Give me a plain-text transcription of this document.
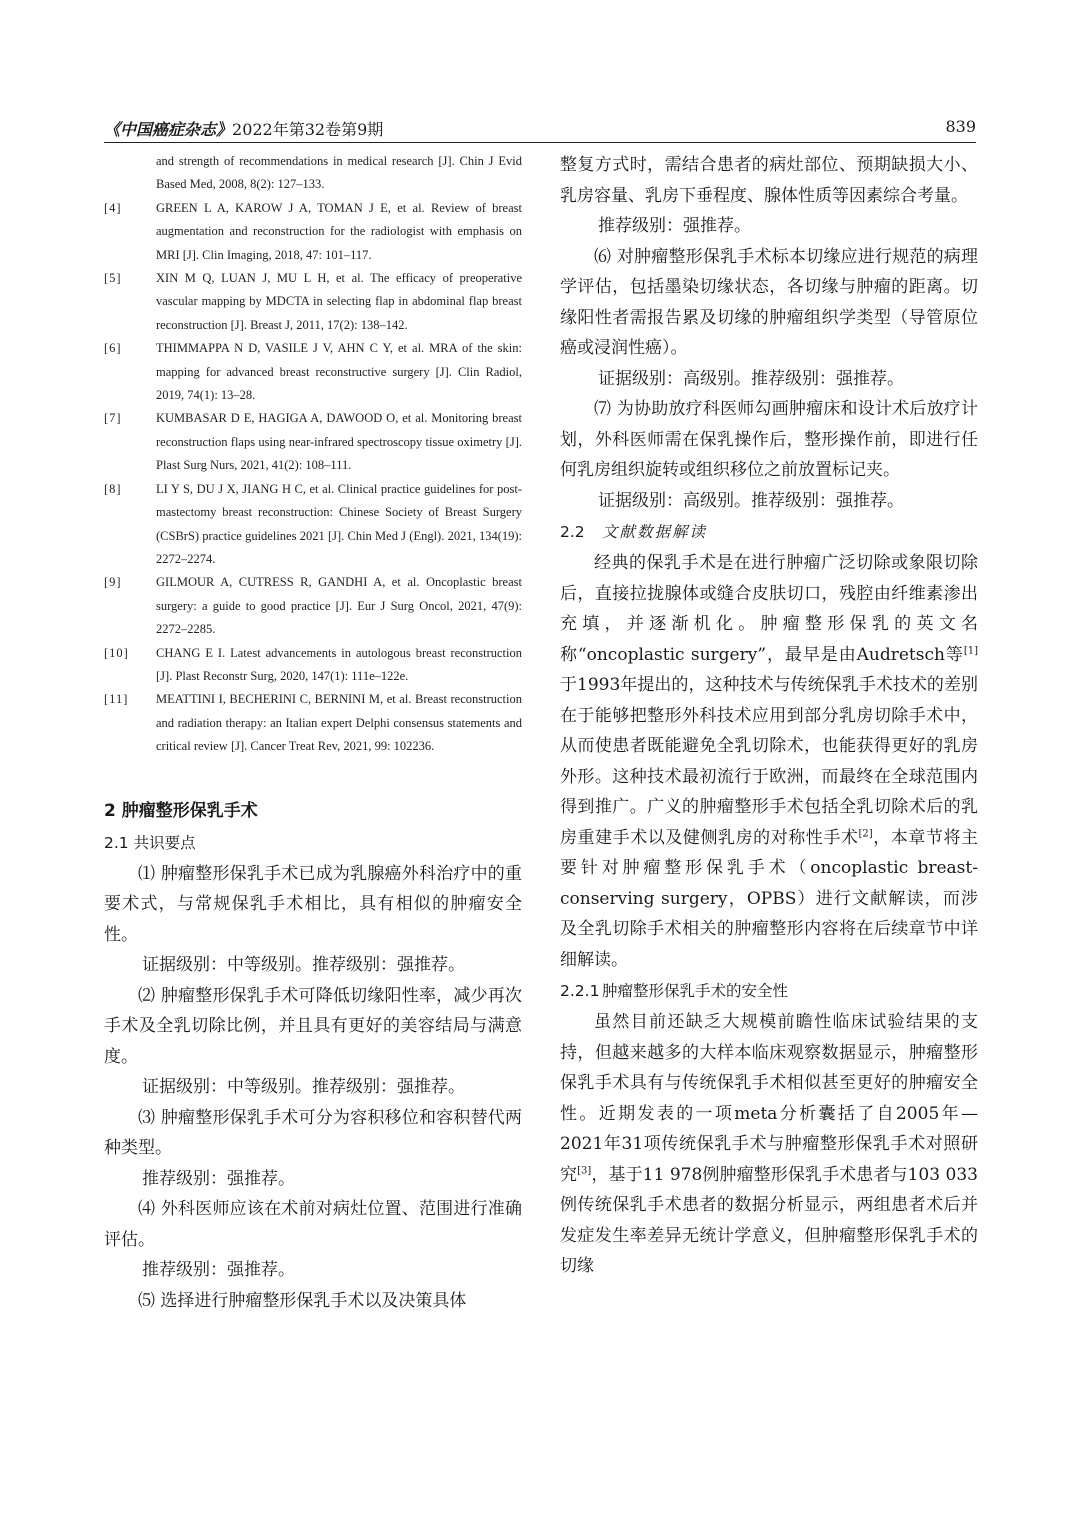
《中国癌症杂志》2022年第32卷第9期	839
and strength of recommendations in medical research [J]. Chin J Evid Based Med, 2008, 8(2): 127–133.
[4]	GREEN L A, KAROW J A, TOMAN J E, et al. Review of breast augmentation and reconstruction for the radiologist with emphasis on MRI [J]. Clin Imaging, 2018, 47: 101–117.
[5]	XIN M Q, LUAN J, MU L H, et al. The efficacy of preoperative vascular mapping by MDCTA in selecting flap in abdominal flap breast reconstruction [J]. Breast J, 2011, 17(2): 138–142.
[6]	THIMMAPPA N D, VASILE J V, AHN C Y, et al. MRA of the skin: mapping for advanced breast reconstructive surgery [J]. Clin Radiol, 2019, 74(1): 13–28.
[7]	KUMBASAR D E, HAGIGA A, DAWOOD O, et al. Monitoring breast reconstruction flaps using near-infrared spectroscopy tissue oximetry [J]. Plast Surg Nurs, 2021, 41(2): 108–111.
[8]	LI Y S, DU J X, JIANG H C, et al. Clinical practice guidelines for post-mastectomy breast reconstruction: Chinese Society of Breast Surgery (CSBrS) practice guidelines 2021 [J]. Chin Med J (Engl). 2021, 134(19): 2272–2274.
[9]	GILMOUR A, CUTRESS R, GANDHI A, et al. Oncoplastic breast surgery: a guide to good practice [J]. Eur J Surg Oncol, 2021, 47(9): 2272–2285.
[10]	CHANG E I. Latest advancements in autologous breast reconstruction [J]. Plast Reconstr Surg, 2020, 147(1): 111e–122e.
[11]	MEATTINI I, BECHERINI C, BERNINI M, et al. Breast reconstruction and radiation therapy: an Italian expert Delphi consensus statements and critical review [J]. Cancer Treat Rev, 2021, 99: 102236.
2 肿瘤整形保乳手术
2.1 共识要点

⑴ 肿瘤整形保乳手术已成为乳腺癌外科治疗中的重要术式，与常规保乳手术相比，具有相似的肿瘤安全性。

证据级别：中等级别。推荐级别：强推荐。

⑵ 肿瘤整形保乳手术可降低切缘阳性率，减少再次手术及全乳切除比例，并且具有更好的美容结局与满意度。

证据级别：中等级别。推荐级别：强推荐。

⑶ 肿瘤整形保乳手术可分为容积移位和容积替代两种类型。

推荐级别：强推荐。

⑷ 外科医师应该在术前对病灶位置、范围进行准确评估。

推荐级别：强推荐。

⑸ 选择进行肿瘤整形保乳手术以及决策具体

整复方式时，需结合患者的病灶部位、预期缺损大小、乳房容量、乳房下垂程度、腺体性质等因素综合考量。

推荐级别：强推荐。

⑹ 对肿瘤整形保乳手术标本切缘应进行规范的病理学评估，包括墨染切缘状态，各切缘与肿瘤的距离。切缘阳性者需报告累及切缘的肿瘤组织学类型（导管原位癌或浸润性癌）。

证据级别：高级别。推荐级别：强推荐。

⑺ 为协助放疗科医师勾画肿瘤床和设计术后放疗计划，外科医师需在保乳操作后，整形操作前，即进行任何乳房组织旋转或组织移位之前放置标记夹。

证据级别：高级别。推荐级别：强推荐。

2.2 文献数据解读

经典的保乳手术是在进行肿瘤广泛切除或象限切除后，直接拉拢腺体或缝合皮肤切口，残腔由纤维素渗出充填，并逐渐机化。肿瘤整形保乳的英文名称“oncoplastic surgery”，最早是由Audretsch等[1]于1993年提出的，这种技术与传统保乳手术技术的差别在于能够把整形外科技术应用到部分乳房切除手术中，从而使患者既能避免全乳切除术，也能获得更好的乳房外形。这种技术最初流行于欧洲，而最终在全球范围内得到推广。广义的肿瘤整形手术包括全乳切除术后的乳房重建手术以及健侧乳房的对称性手术[2]，本章节将主要针对肿瘤整形保乳手术（oncoplastic breast-conserving surgery，OPBS）进行文献解读，而涉及全乳切除手术相关的肿瘤整形内容将在后续章节中详细解读。

2.2.1 肿瘤整形保乳手术的安全性

虽然目前还缺乏大规模前瞻性临床试验结果的支持，但越来越多的大样本临床观察数据显示，肿瘤整形保乳手术具有与传统保乳手术相似甚至更好的肿瘤安全性。近期发表的一项meta分析囊括了自2005年—2021年31项传统保乳手术与肿瘤整形保乳手术对照研究[3]，基于11 978例肿瘤整形保乳手术患者与103 033例传统保乳手术患者的数据分析显示，两组患者术后并发症发生率差异无统计学意义，但肿瘤整形保乳手术的切缘
